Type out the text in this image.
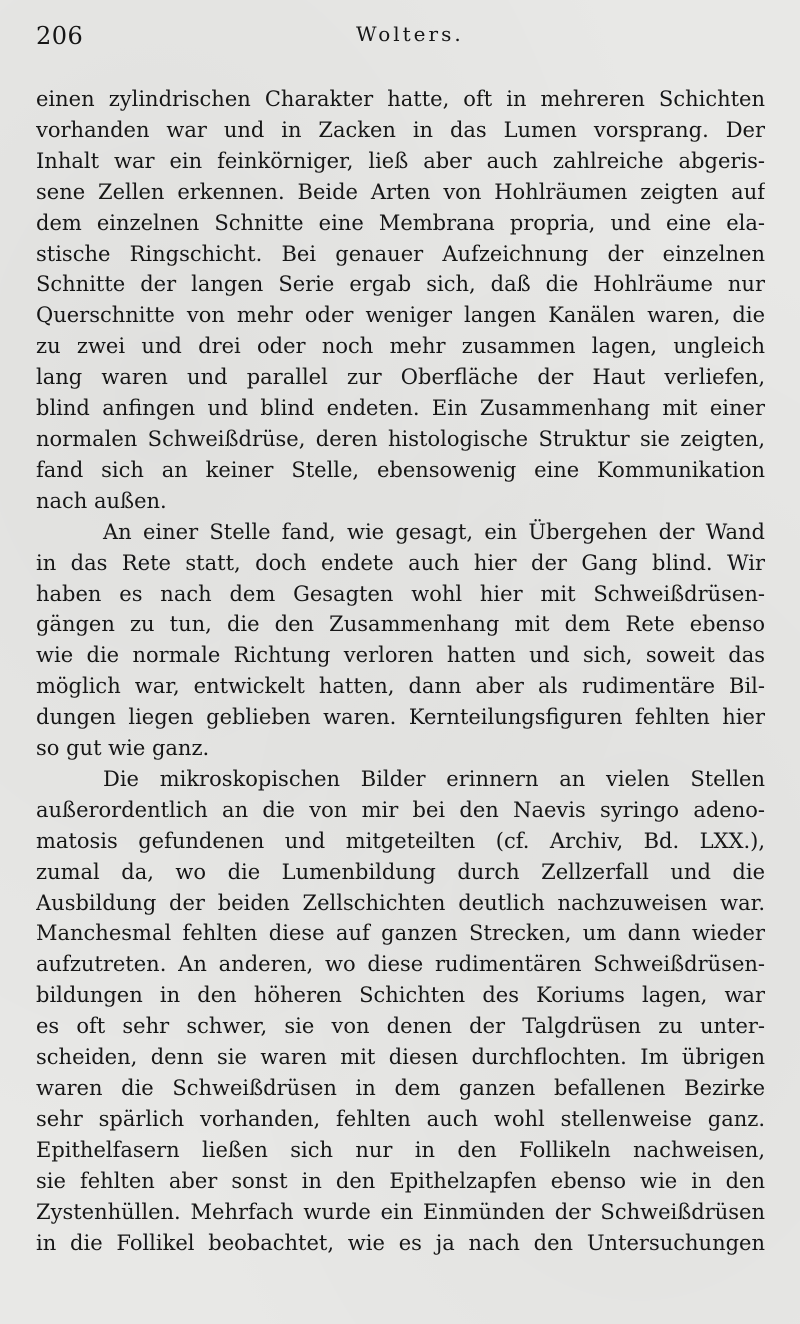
206	Wolters.
einen zylindrischen Charakter hatte, oft in mehreren Schichten
vorhanden war und in Zacken in das Lumen vorsprang. Der
Inhalt war ein feinkörniger, ließ aber auch zahlreiche abgeris-
sene Zellen erkennen. Beide Arten von Hohlräumen zeigten auf
dem einzelnen Schnitte eine Membrana propria, und eine ela-
stische Ringschicht. Bei genauer Aufzeichnung der einzelnen
Schnitte der langen Serie ergab sich, daß die Hohlräume nur
Querschnitte von mehr oder weniger langen Kanälen waren, die
zu zwei und drei oder noch mehr zusammen lagen, ungleich
lang waren und parallel zur Oberfläche der Haut verliefen,
blind anfingen und blind endeten. Ein Zusammenhang mit einer
normalen Schweißdrüse, deren histologische Struktur sie zeigten,
fand sich an keiner Stelle, ebensowenig eine Kommunikation
nach außen.
An einer Stelle fand, wie gesagt, ein Übergehen der Wand
in das Rete statt, doch endete auch hier der Gang blind. Wir
haben es nach dem Gesagten wohl hier mit Schweißdrüsen-
gängen zu tun, die den Zusammenhang mit dem Rete ebenso
wie die normale Richtung verloren hatten und sich, soweit das
möglich war, entwickelt hatten, dann aber als rudimentäre Bil-
dungen liegen geblieben waren. Kernteilungsfiguren fehlten hier
so gut wie ganz.
Die mikroskopischen Bilder erinnern an vielen Stellen
außerordentlich an die von mir bei den Naevis syringo adeno-
matosis gefundenen und mitgeteilten (cf. Archiv, Bd. LXX.),
zumal da, wo die Lumenbildung durch Zellzerfall und die
Ausbildung der beiden Zellschichten deutlich nachzuweisen war.
Manchesmal fehlten diese auf ganzen Strecken, um dann wieder
aufzutreten. An anderen, wo diese rudimentären Schweißdrüsen-
bildungen in den höheren Schichten des Koriums lagen, war
es oft sehr schwer, sie von denen der Talgdrüsen zu unter-
scheiden, denn sie waren mit diesen durchflochten. Im übrigen
waren die Schweißdrüsen in dem ganzen befallenen Bezirke
sehr spärlich vorhanden, fehlten auch wohl stellenweise ganz.
Epithelfasern ließen sich nur in den Follikeln nachweisen,
sie fehlten aber sonst in den Epithelzapfen ebenso wie in den
Zystenhüllen. Mehrfach wurde ein Einmünden der Schweißdrüsen
in die Follikel beobachtet, wie es ja nach den Untersuchungen
